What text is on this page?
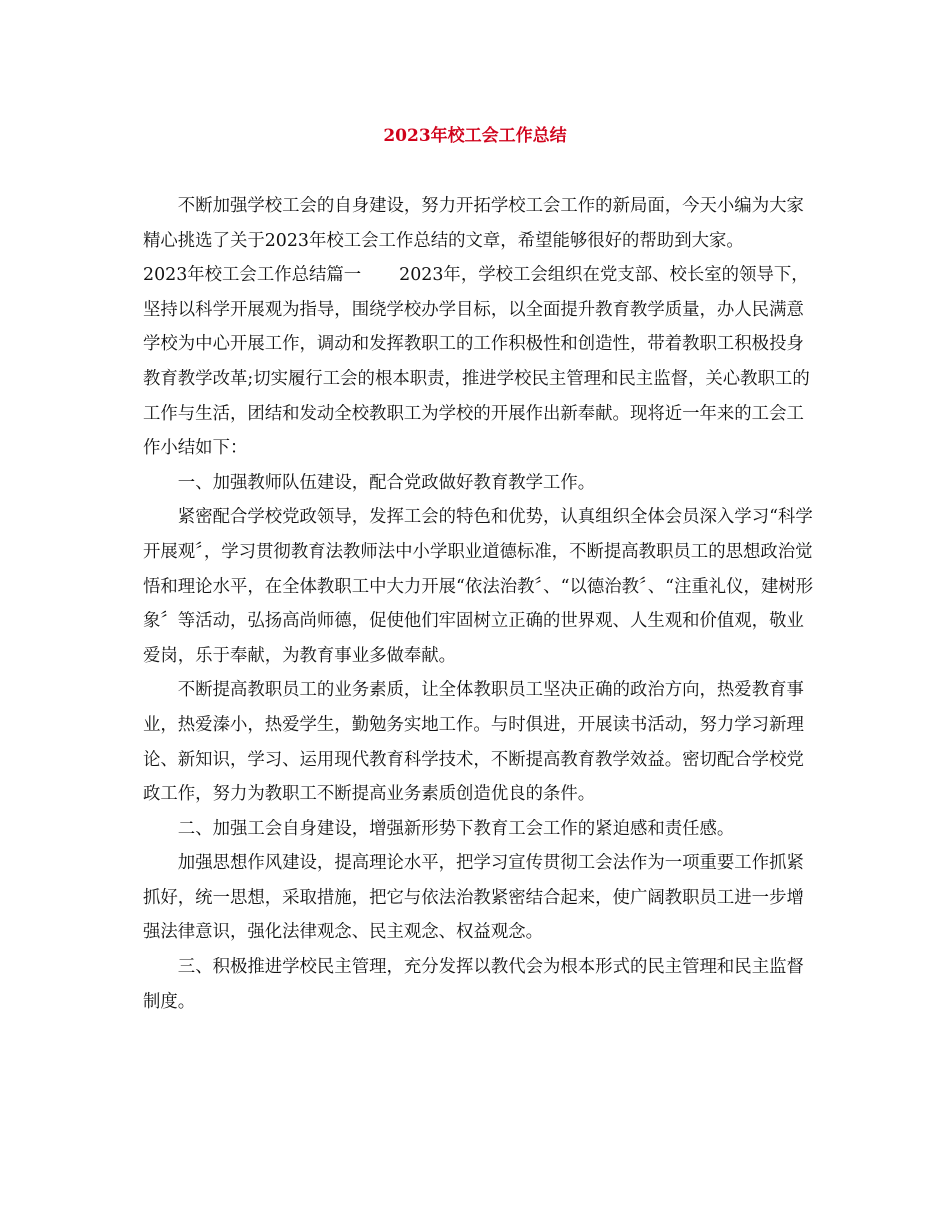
2023年校工会工作总结

不断加强学校工会的自身建设，努力开拓学校工会工作的新局面，今天小编为大家精心挑选了关于2023年校工会工作总结的文章，希望能够很好的帮助到大家。

2023年校工会工作总结篇一 2023年，学校工会组织在党支部、校长室的领导下，坚持以科学开展观为指导，围绕学校办学目标，以全面提升教育教学质量，办人民满意学校为中心开展工作，调动和发挥教职工的工作积极性和创造性，带着教职工积极投身教育教学改革;切实履行工会的根本职责，推进学校民主管理和民主监督，关心教职工的工作与生活，团结和发动全校教职工为学校的开展作出新奉献。现将近一年来的工会工作小结如下：

一、加强教师队伍建设，配合党政做好教育教学工作。

紧密配合学校党政领导，发挥工会的特色和优势，认真组织全体会员深入学习“科学开展观〞，学习贯彻教育法教师法中小学职业道德标准，不断提高教职员工的思想政治觉悟和理论水平，在全体教职工中大力开展“依法治教〞、“以德治教〞、“注重礼仪，建树形象〞等活动，弘扬高尚师德，促使他们牢固树立正确的世界观、人生观和价值观，敬业爱岗，乐于奉献，为教育事业多做奉献。

不断提高教职员工的业务素质，让全体教职员工坚决正确的政治方向，热爱教育事业，热爱溱小，热爱学生，勤勉务实地工作。与时俱进，开展读书活动，努力学习新理论、新知识，学习、运用现代教育科学技术，不断提高教育教学效益。密切配合学校党政工作，努力为教职工不断提高业务素质创造优良的条件。

二、加强工会自身建设，增强新形势下教育工会工作的紧迫感和责任感。

加强思想作风建设，提高理论水平，把学习宣传贯彻工会法作为一项重要工作抓紧抓好，统一思想，采取措施，把它与依法治教紧密结合起来，使广阔教职员工进一步增强法律意识，强化法律观念、民主观念、权益观念。

三、积极推进学校民主管理，充分发挥以教代会为根本形式的民主管理和民主监督制度。
